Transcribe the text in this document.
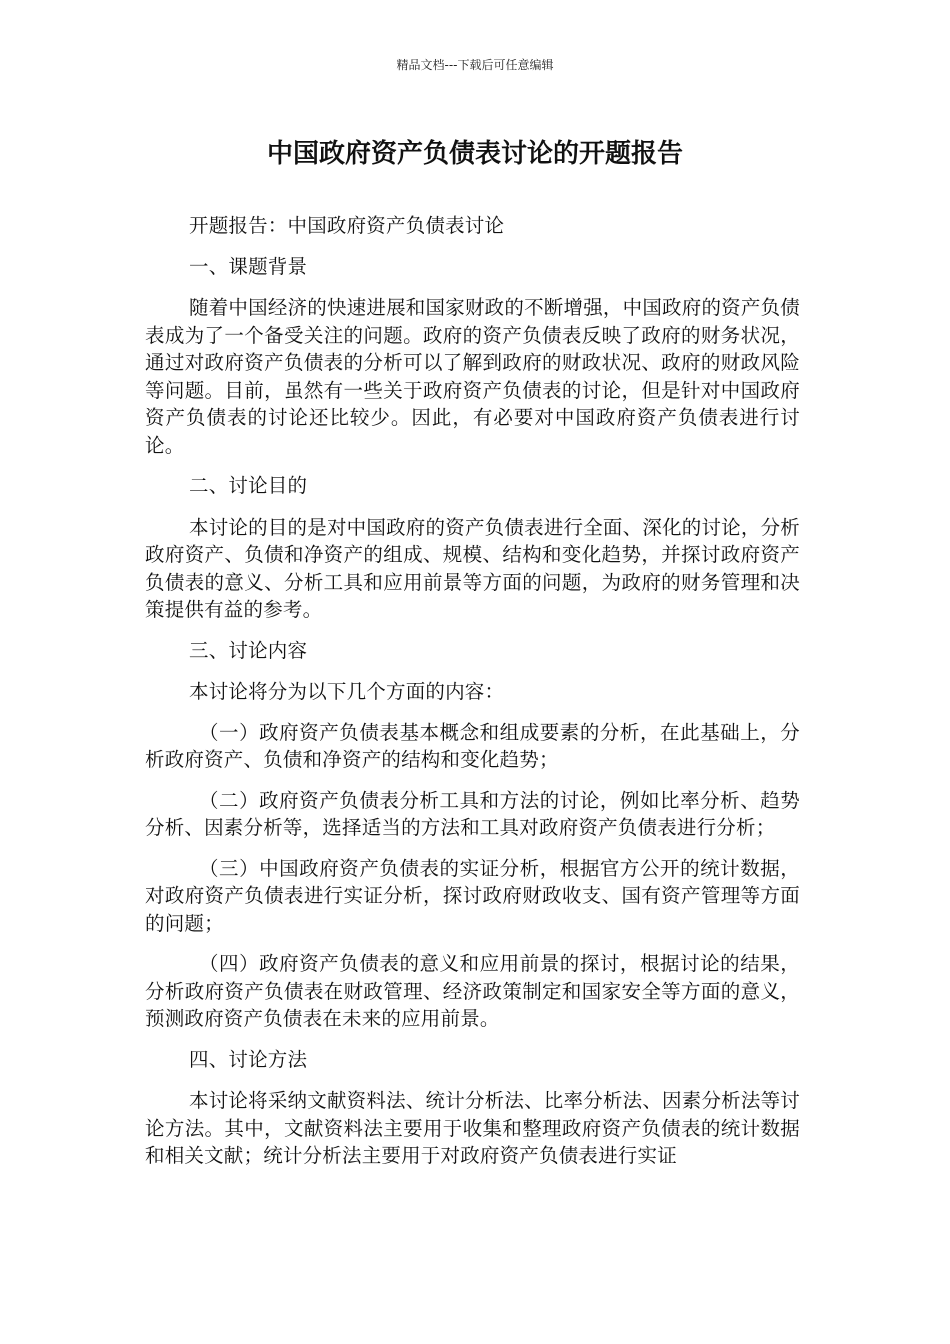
精品文档---下载后可任意编辑
中国政府资产负债表讨论的开题报告

开题报告：中国政府资产负债表讨论

一、课题背景

随着中国经济的快速进展和国家财政的不断增强，中国政府的资产负债表成为了一个备受关注的问题。政府的资产负债表反映了政府的财务状况，通过对政府资产负债表的分析可以了解到政府的财政状况、政府的财政风险等问题。目前，虽然有一些关于政府资产负债表的讨论，但是针对中国政府资产负债表的讨论还比较少。因此，有必要对中国政府资产负债表进行讨论。

二、讨论目的

本讨论的目的是对中国政府的资产负债表进行全面、深化的讨论，分析政府资产、负债和净资产的组成、规模、结构和变化趋势，并探讨政府资产负债表的意义、分析工具和应用前景等方面的问题，为政府的财务管理和决策提供有益的参考。

三、讨论内容

本讨论将分为以下几个方面的内容：

（一）政府资产负债表基本概念和组成要素的分析，在此基础上，分析政府资产、负债和净资产的结构和变化趋势；

（二）政府资产负债表分析工具和方法的讨论，例如比率分析、趋势分析、因素分析等，选择适当的方法和工具对政府资产负债表进行分析；

（三）中国政府资产负债表的实证分析，根据官方公开的统计数据，对政府资产负债表进行实证分析，探讨政府财政收支、国有资产管理等方面的问题；

（四）政府资产负债表的意义和应用前景的探讨，根据讨论的结果，分析政府资产负债表在财政管理、经济政策制定和国家安全等方面的意义，预测政府资产负债表在未来的应用前景。

四、讨论方法

本讨论将采纳文献资料法、统计分析法、比率分析法、因素分析法等讨论方法。其中，文献资料法主要用于收集和整理政府资产负债表的统计数据和相关文献；统计分析法主要用于对政府资产负债表进行实证
